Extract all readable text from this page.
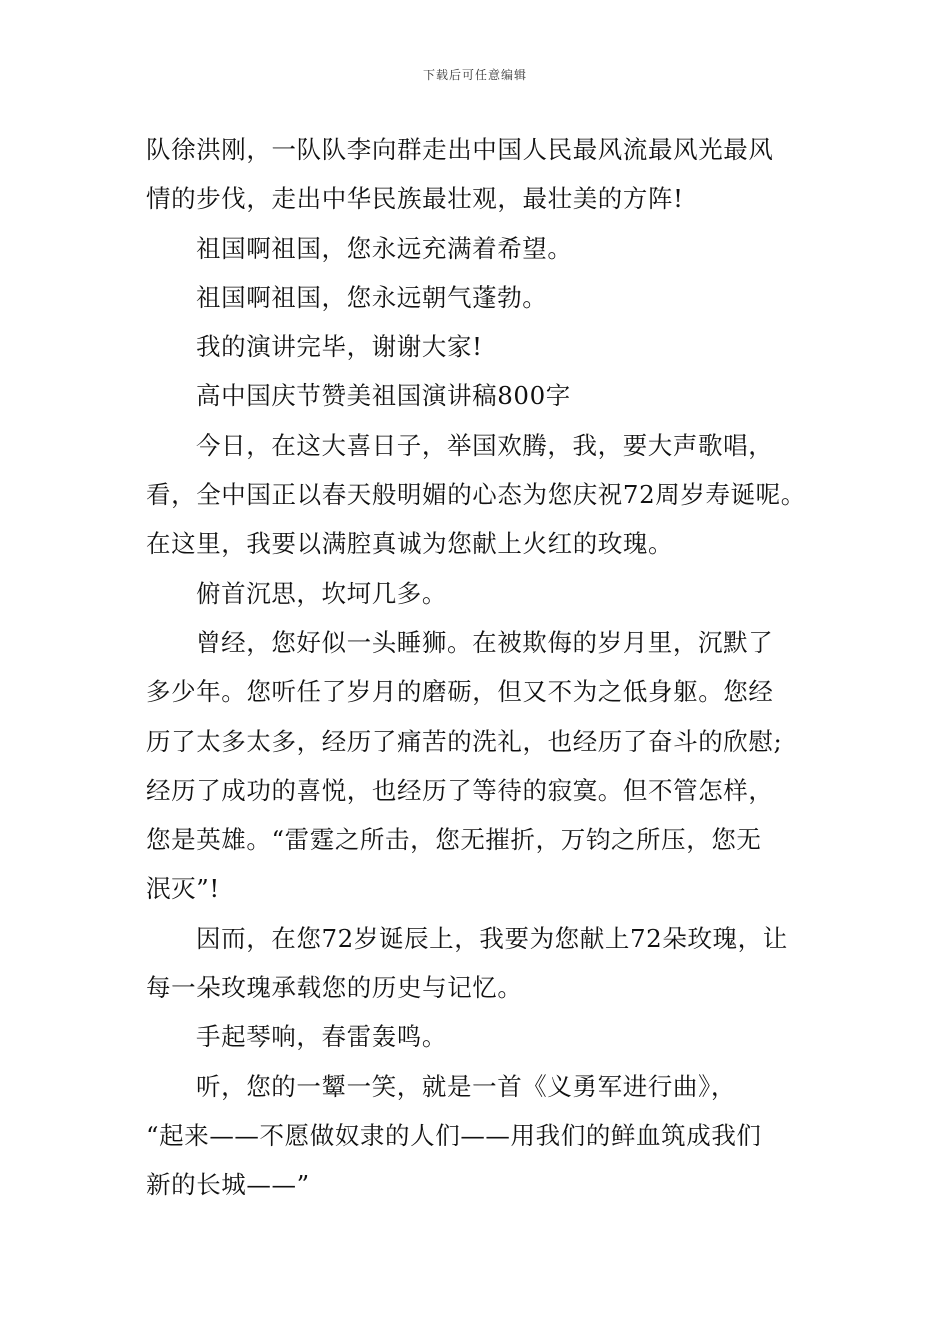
下载后可任意编辑
队徐洪刚，一队队李向群走出中国人民最风流最风光最风
情的步伐，走出中华民族最壮观，最壮美的方阵!
祖国啊祖国，您永远充满着希望。
祖国啊祖国，您永远朝气蓬勃。
我的演讲完毕，谢谢大家!
高中国庆节赞美祖国演讲稿800字
今日，在这大喜日子，举国欢腾，我，要大声歌唱，
看，全中国正以春天般明媚的心态为您庆祝72周岁寿诞呢。
在这里，我要以满腔真诚为您献上火红的玫瑰。
俯首沉思，坎坷几多。
曾经，您好似一头睡狮。在被欺侮的岁月里，沉默了
多少年。您听任了岁月的磨砺，但又不为之低身躯。您经
历了太多太多，经历了痛苦的洗礼，也经历了奋斗的欣慰;
经历了成功的喜悦，也经历了等待的寂寞。但不管怎样，
您是英雄。“雷霆之所击，您无摧折，万钧之所压，您无
泯灭”!
因而，在您72岁诞辰上，我要为您献上72朵玫瑰，让
每一朵玫瑰承载您的历史与记忆。
手起琴响，春雷轰鸣。
听，您的一颦一笑，就是一首《义勇军进行曲》，
“起来——不愿做奴隶的人们——用我们的鲜血筑成我们
新的长城——”
